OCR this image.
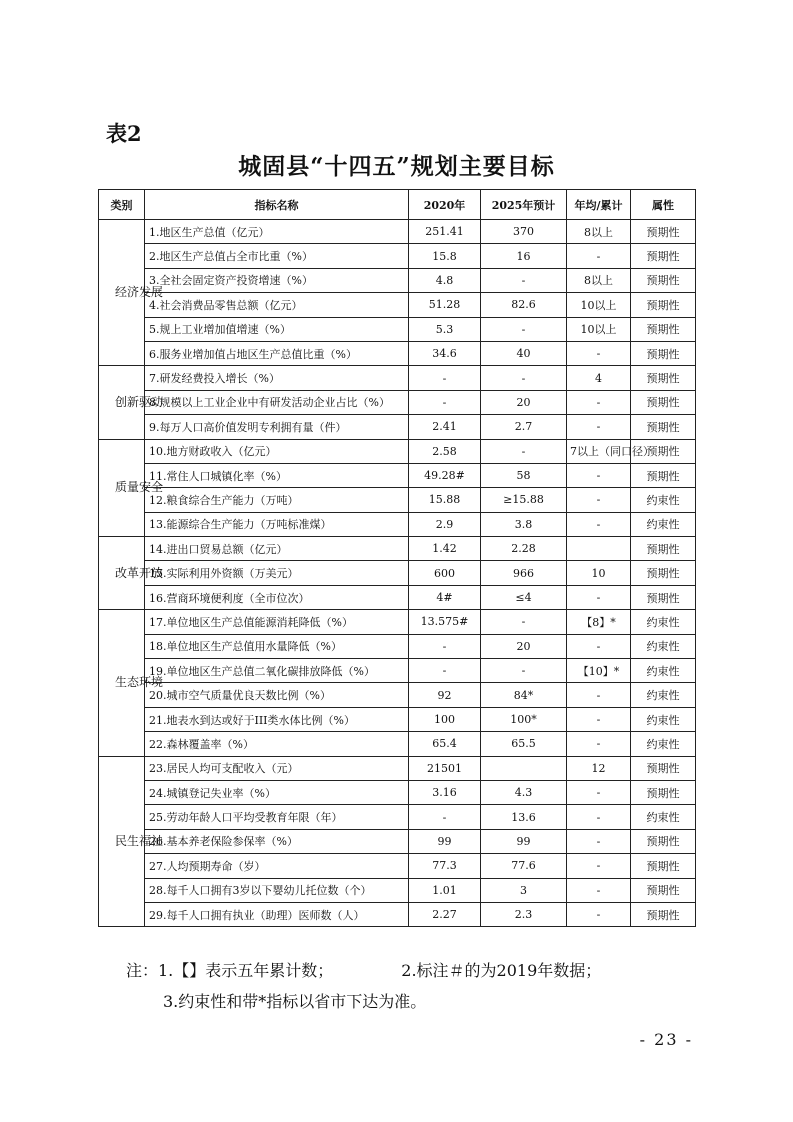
表2
城固县“十四五”规划主要目标
类别	指标名称	2020年	2025年预计	年均/累计	属性
经济发展	1.地区生产总值（亿元）	251.41	370	8以上	预期性
	2.地区生产总值占全市比重（%）	15.8	16	-	预期性
	3.全社会固定资产投资增速（%）	4.8	-	8以上	预期性
	4.社会消费品零售总额（亿元）	51.28	82.6	10以上	预期性
	5.规上工业增加值增速（%）	5.3	-	10以上	预期性
	6.服务业增加值占地区生产总值比重（%）	34.6	40	-	预期性
创新驱动	7.研发经费投入增长（%）	-	-	4	预期性
	8.规模以上工业企业中有研发活动企业占比（%）	-	20	-	预期性
	9.每万人口高价值发明专利拥有量（件）	2.41	2.7	-	预期性
质量安全	10.地方财政收入（亿元）	2.58	-	7以上（同口径）	预期性
	11.常住人口城镇化率（%）	49.28#	58	-	预期性
	12.粮食综合生产能力（万吨）	15.88	≥15.88	-	约束性
	13.能源综合生产能力（万吨标准煤）	2.9	3.8	-	约束性
改革开放	14.进出口贸易总额（亿元）	1.42	2.28		预期性
	15.实际利用外资额（万美元）	600	966	10	预期性
	16.营商环境便利度（全市位次）	4#	≤4	-	预期性
生态环境	17.单位地区生产总值能源消耗降低（%）	13.575#	-	【8】*	约束性
	18.单位地区生产总值用水量降低（%）	-	20	-	约束性
	19.单位地区生产总值二氧化碳排放降低（%）	-	-	【10】*	约束性
	20.城市空气质量优良天数比例（%）	92	84*	-	约束性
	21.地表水到达或好于III类水体比例（%）	100	100*	-	约束性
	22.森林覆盖率（%）	65.4	65.5	-	约束性
民生福祉	23.居民人均可支配收入（元）	21501		12	预期性
	24.城镇登记失业率（%）	3.16	4.3	-	预期性
	25.劳动年龄人口平均受教育年限（年）	-	13.6	-	约束性
	26.基本养老保险参保率（%）	99	99	-	预期性
	27.人均预期寿命（岁）	77.3	77.6	-	预期性
	28.每千人口拥有3岁以下婴幼儿托位数（个）	1.01	3	-	预期性
	29.每千人口拥有执业（助理）医师数（人）	2.27	2.3	-	预期性
注：1.【】表示五年累计数；	2.标注＃的为2019年数据；
3.约束性和带*指标以省市下达为准。
- 23 -
